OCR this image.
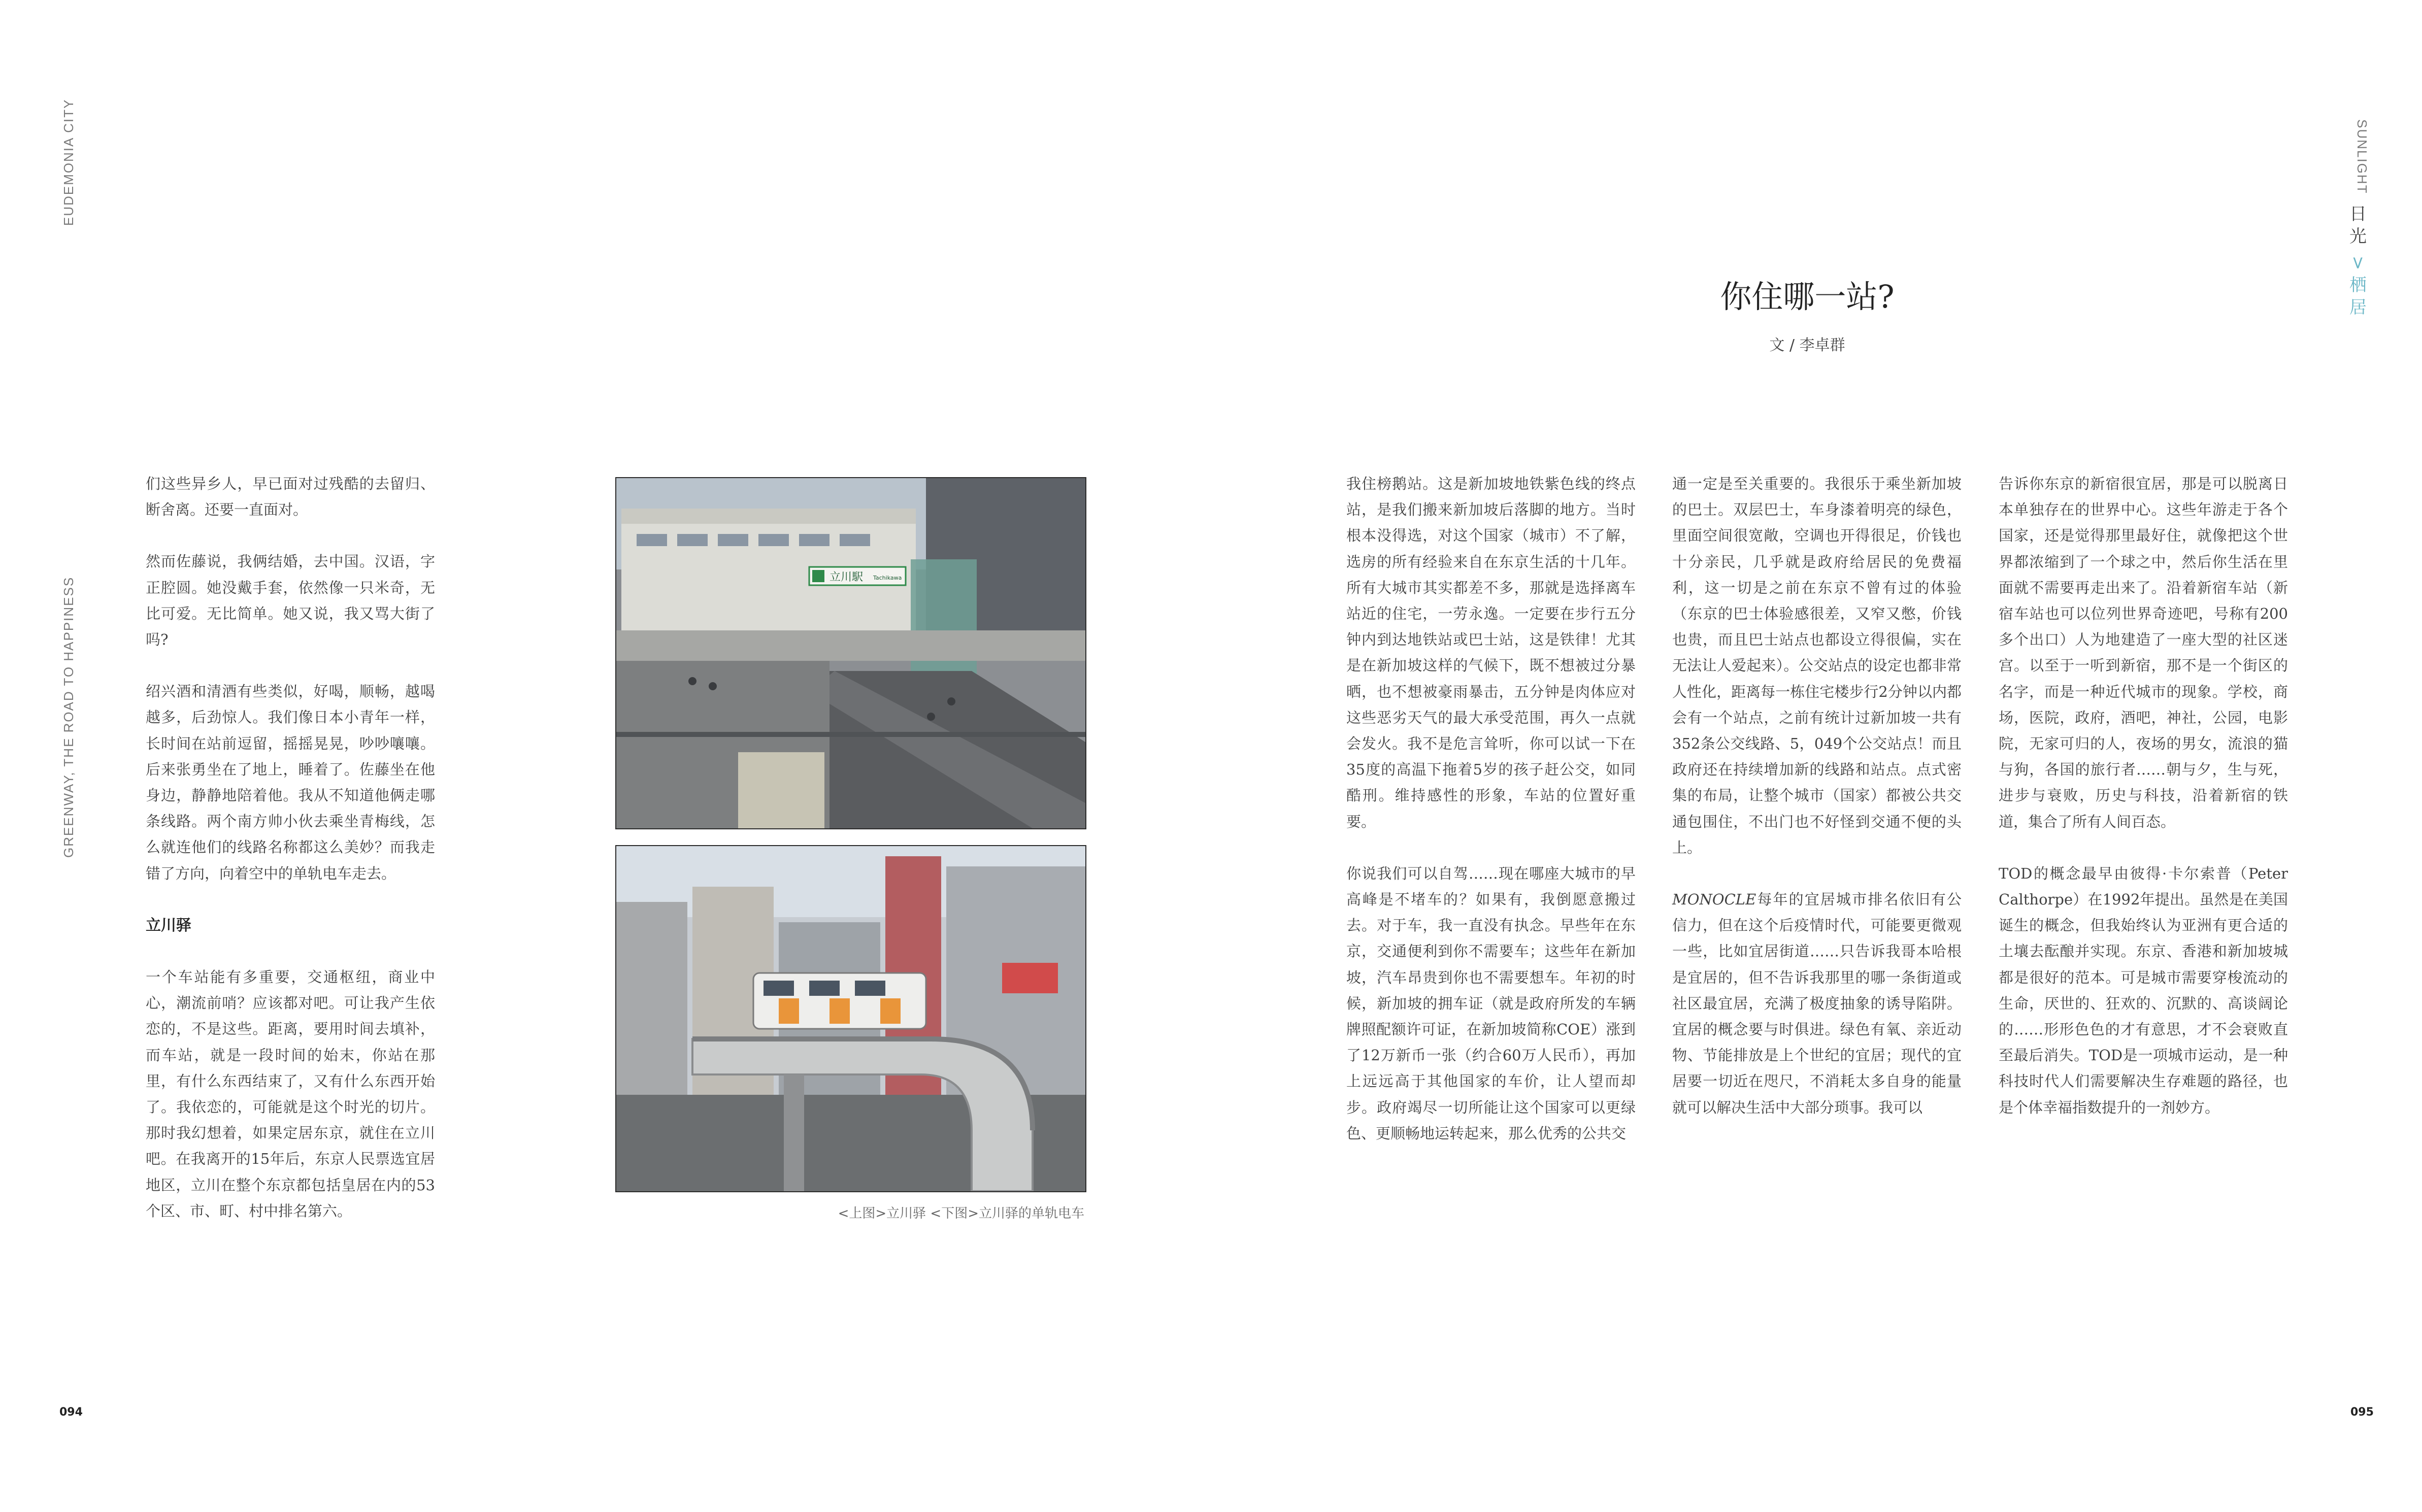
EUDEMONIA CITY
GREENWAY, THE ROAD TO HAPPINESS
SUNLIGHT
日
光
>
栖
居
你住哪一站?
文 / 李卓群

们这些异乡人，早已面对过残酷的去留归、断舍离。还要一直面对。

然而佐藤说，我俩结婚，去中国。汉语，字正腔圆。她没戴手套，依然像一只米奇，无比可爱。无比简单。她又说，我又骂大街了吗?

绍兴酒和清酒有些类似，好喝，顺畅，越喝越多，后劲惊人。我们像日本小青年一样，长时间在站前逗留，摇摇晃晃，吵吵嚷嚷。后来张勇坐在了地上，睡着了。佐藤坐在他身边，静静地陪着他。我从不知道他俩走哪条线路。两个南方帅小伙去乘坐青梅线，怎么就连他们的线路名称都这么美妙？而我走错了方向，向着空中的单轨电车走去。

立川驿

一个车站能有多重要，交通枢纽，商业中心，潮流前哨？应该都对吧。可让我产生依恋的，不是这些。距离，要用时间去填补，而车站，就是一段时间的始末，你站在那里，有什么东西结束了，又有什么东西开始了。我依恋的，可能就是这个时光的切片。那时我幻想着，如果定居东京，就住在立川吧。在我离开的15年后，东京人民票选宜居地区，立川在整个东京都包括皇居在内的53个区、市、町、村中排名第六。

立川駅 Tachikawa
<上图>立川驿 <下图>立川驿的单轨电车

我住榜鹅站。这是新加坡地铁紫色线的终点站，是我们搬来新加坡后落脚的地方。当时根本没得选，对这个国家（城市）不了解，选房的所有经验来自在东京生活的十几年。所有大城市其实都差不多，那就是选择离车站近的住宅，一劳永逸。一定要在步行五分钟内到达地铁站或巴士站，这是铁律！尤其是在新加坡这样的气候下，既不想被过分暴晒，也不想被豪雨暴击，五分钟是肉体应对这些恶劣天气的最大承受范围，再久一点就会发火。我不是危言耸听，你可以试一下在35度的高温下拖着5岁的孩子赶公交，如同酷刑。维持感性的形象，车站的位置好重要。

你说我们可以自驾……现在哪座大城市的早高峰是不堵车的？如果有，我倒愿意搬过去。对于车，我一直没有执念。早些年在东京，交通便利到你不需要车；这些年在新加坡，汽车昂贵到你也不需要想车。年初的时候，新加坡的拥车证（就是政府所发的车辆牌照配额许可证，在新加坡简称COE）涨到了12万新币一张（约合60万人民币），再加上远远高于其他国家的车价，让人望而却步。政府竭尽一切所能让这个国家可以更绿色、更顺畅地运转起来，那么优秀的公共交

通一定是至关重要的。我很乐于乘坐新加坡的巴士。双层巴士，车身漆着明亮的绿色，里面空间很宽敞，空调也开得很足，价钱也十分亲民，几乎就是政府给居民的免费福利，这一切是之前在东京不曾有过的体验（东京的巴士体验感很差，又窄又憋，价钱也贵，而且巴士站点也都设立得很偏，实在无法让人爱起来）。公交站点的设定也都非常人性化，距离每一栋住宅楼步行2分钟以内都会有一个站点，之前有统计过新加坡一共有352条公交线路、5，049个公交站点！而且政府还在持续增加新的线路和站点。点式密集的布局，让整个城市（国家）都被公共交通包围住，不出门也不好怪到交通不便的头上。

MONOCLE每年的宜居城市排名依旧有公信力，但在这个后疫情时代，可能要更微观一些，比如宜居街道……只告诉我哥本哈根是宜居的，但不告诉我那里的哪一条街道或社区最宜居，充满了极度抽象的诱导陷阱。宜居的概念要与时俱进。绿色有氧、亲近动物、节能排放是上个世纪的宜居；现代的宜居要一切近在咫尺，不消耗太多自身的能量就可以解决生活中大部分琐事。我可以

告诉你东京的新宿很宜居，那是可以脱离日本单独存在的世界中心。这些年游走于各个国家，还是觉得那里最好住，就像把这个世界都浓缩到了一个球之中，然后你生活在里面就不需要再走出来了。沿着新宿车站（新宿车站也可以位列世界奇迹吧，号称有200多个出口）人为地建造了一座大型的社区迷宫。以至于一听到新宿，那不是一个街区的名字，而是一种近代城市的现象。学校，商场，医院，政府，酒吧，神社，公园，电影院，无家可归的人，夜场的男女，流浪的猫与狗，各国的旅行者……朝与夕，生与死，进步与衰败，历史与科技，沿着新宿的铁道，集合了所有人间百态。

TOD的概念最早由彼得·卡尔索普（Peter Calthorpe）在1992年提出。虽然是在美国诞生的概念，但我始终认为亚洲有更合适的土壤去酝酿并实现。东京、香港和新加坡城都是很好的范本。可是城市需要穿梭流动的生命，厌世的、狂欢的、沉默的、高谈阔论的……形形色色的才有意思，才不会衰败直至最后消失。TOD是一项城市运动，是一种科技时代人们需要解决生存难题的路径，也是个体幸福指数提升的一剂妙方。

094	095
